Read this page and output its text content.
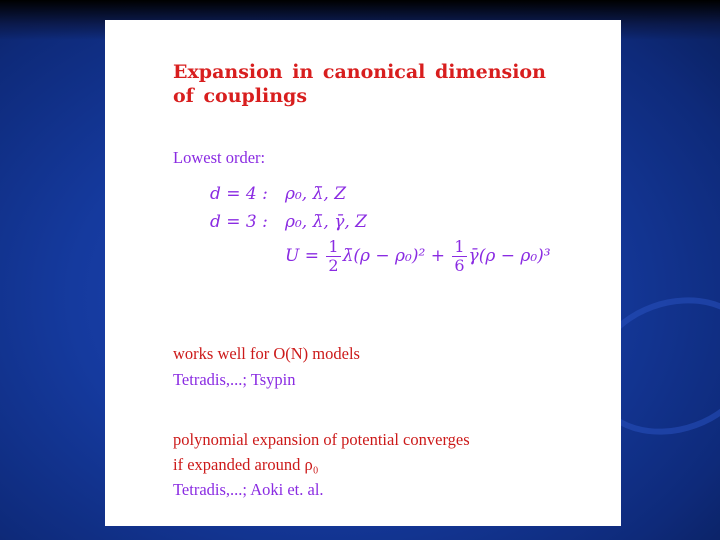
Expansion in canonical dimension
of couplings
Lowest order:
d = 4 : ρ₀, λ̄, Z
d = 3 : ρ₀, λ̄, γ̄, Z
$U = \frac{1}{2}$ λ̄(ρ − $\rho_0)^2 + \frac{1}{6}$ γ̄(ρ − ρ₀)³
works well for O(N) models
Tetradis,...; Tsypin
polynomial expansion of potential converges
if expanded around ρ₀
Tetradis,...; Aoki et. al.
